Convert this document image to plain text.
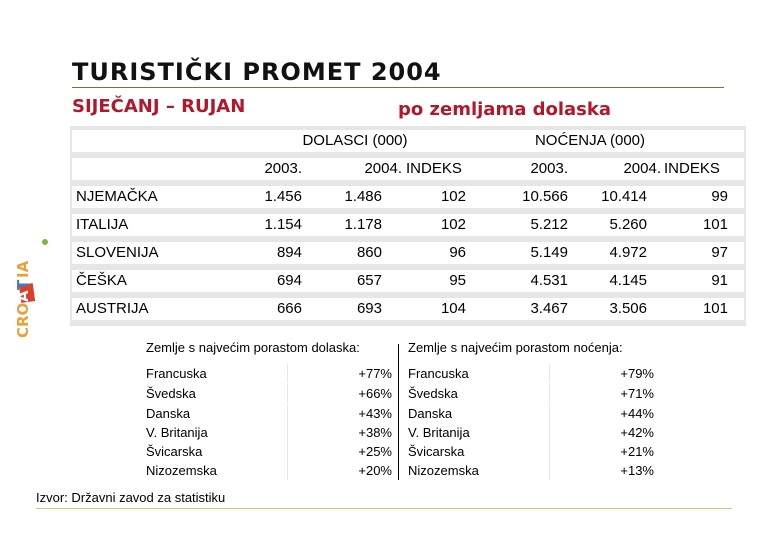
TURISTIČKI PROMET 2004
SIJEČANJ – RUJAN	po zemljama dolaska
CRO
A
T
IA
DOLASCI (000)	NOĆENJA (000)
2003.	2004. INDEKS	2003.	2004. INDEKS
NJEMAČKA	1.456	1.486	102	10.566	10.414	99
ITALIJA	1.154	1.178	102	5.212	5.260	101
SLOVENIJA	894	860	96	5.149	4.972	97
ČEŠKA	694	657	95	4.531	4.145	91
AUSTRIJA	666	693	104	3.467	3.506	101
Zemlje s najvećim porastom dolaska:
Francuska	+77%
Švedska	+66%
Danska	+43%
V. Britanija	+38%
Švicarska	+25%
Nizozemska	+20%
Zemlje s najvećim porastom noćenja:
Francuska	+79%
Švedska	+71%
Danska	+44%
V. Britanija	+42%
Švicarska	+21%
Nizozemska	+13%
Izvor: Državni zavod za statistiku
